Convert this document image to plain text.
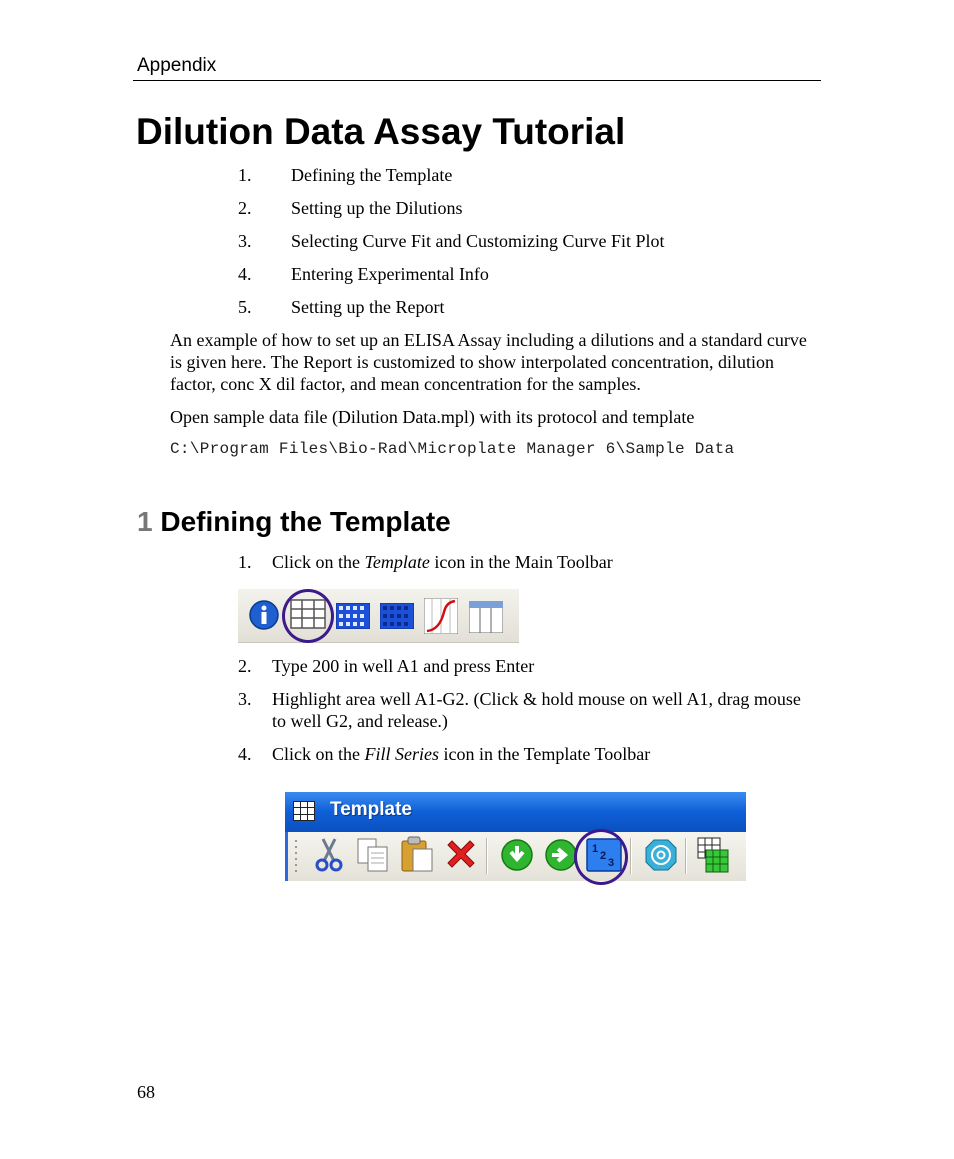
Appendix
Dilution Data Assay Tutorial
1. Defining the Template
2. Setting up the Dilutions
3. Selecting Curve Fit and Customizing Curve Fit Plot
4. Entering Experimental Info
5. Setting up the Report

An example of how to set up an ELISA Assay including a dilutions and a standard curve is given here. The Report is customized to show interpolated concentration, dilution factor, conc X dil factor, and mean concentration for the samples.

Open sample data file (Dilution Data.mpl) with its protocol and template

C:\Program Files\Bio-Rad\Microplate Manager 6\Sample Data

1 Defining the Template
1. Click on the Template icon in the Main Toolbar
2. Type 200 in well A1 and press Enter
3. Highlight area well A1-G2. (Click & hold mouse on well A1, drag mouse to well G2, and release.)
4. Click on the Fill Series icon in the Template Toolbar
Template
1
2
3
68
